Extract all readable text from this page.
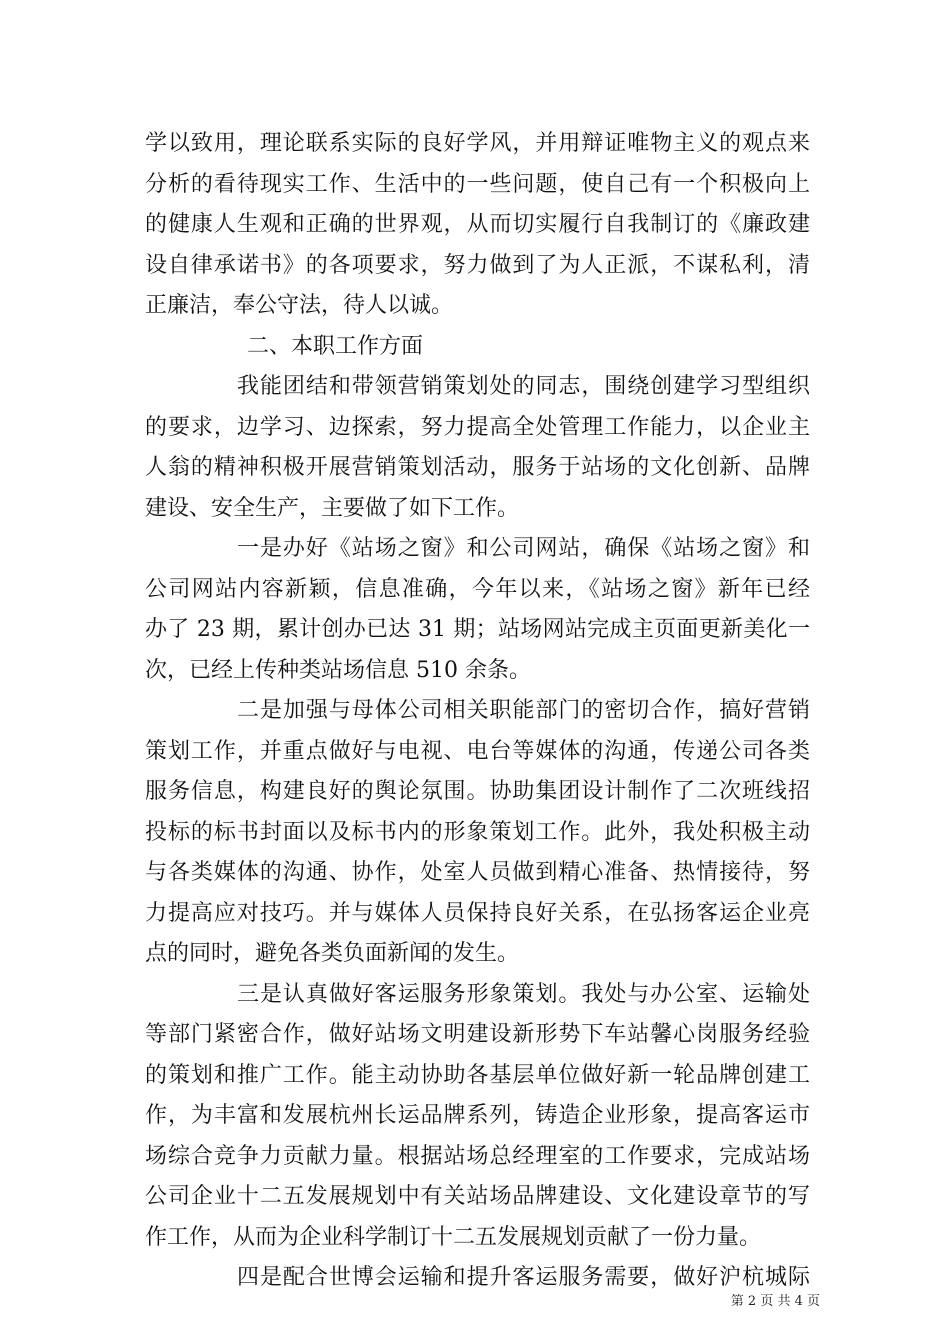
学以致用，理论联系实际的良好学风，并用辩证唯物主义的观点来
分析的看待现实工作、生活中的一些问题，使自己有一个积极向上
的健康人生观和正确的世界观，从而切实履行自我制订的《廉政建
设自律承诺书》的各项要求，努力做到了为人正派，不谋私利，清
正廉洁，奉公守法，待人以诚。
二、本职工作方面
我能团结和带领营销策划处的同志，围绕创建学习型组织
的要求，边学习、边探索，努力提高全处管理工作能力，以企业主
人翁的精神积极开展营销策划活动，服务于站场的文化创新、品牌
建设、安全生产，主要做了如下工作。
一是办好《站场之窗》和公司网站，确保《站场之窗》和
公司网站内容新颖，信息准确，今年以来，《站场之窗》新年已经
办了 23 期，累计创办已达 31 期；站场网站完成主页面更新美化一
次，已经上传种类站场信息 510 余条。
二是加强与母体公司相关职能部门的密切合作，搞好营销
策划工作，并重点做好与电视、电台等媒体的沟通，传递公司各类
服务信息，构建良好的舆论氛围。协助集团设计制作了二次班线招
投标的标书封面以及标书内的形象策划工作。此外，我处积极主动
与各类媒体的沟通、协作，处室人员做到精心准备、热情接待，努
力提高应对技巧。并与媒体人员保持良好关系，在弘扬客运企业亮
点的同时，避免各类负面新闻的发生。
三是认真做好客运服务形象策划。我处与办公室、运输处
等部门紧密合作，做好站场文明建设新形势下车站馨心岗服务经验
的策划和推广工作。能主动协助各基层单位做好新一轮品牌创建工
作，为丰富和发展杭州长运品牌系列，铸造企业形象，提高客运市
场综合竞争力贡献力量。根据站场总经理室的工作要求，完成站场
公司企业十二五发展规划中有关站场品牌建设、文化建设章节的写
作工作，从而为企业科学制订十二五发展规划贡献了一份力量。
四是配合世博会运输和提升客运服务需要，做好沪杭城际
第 2 页 共 4 页
